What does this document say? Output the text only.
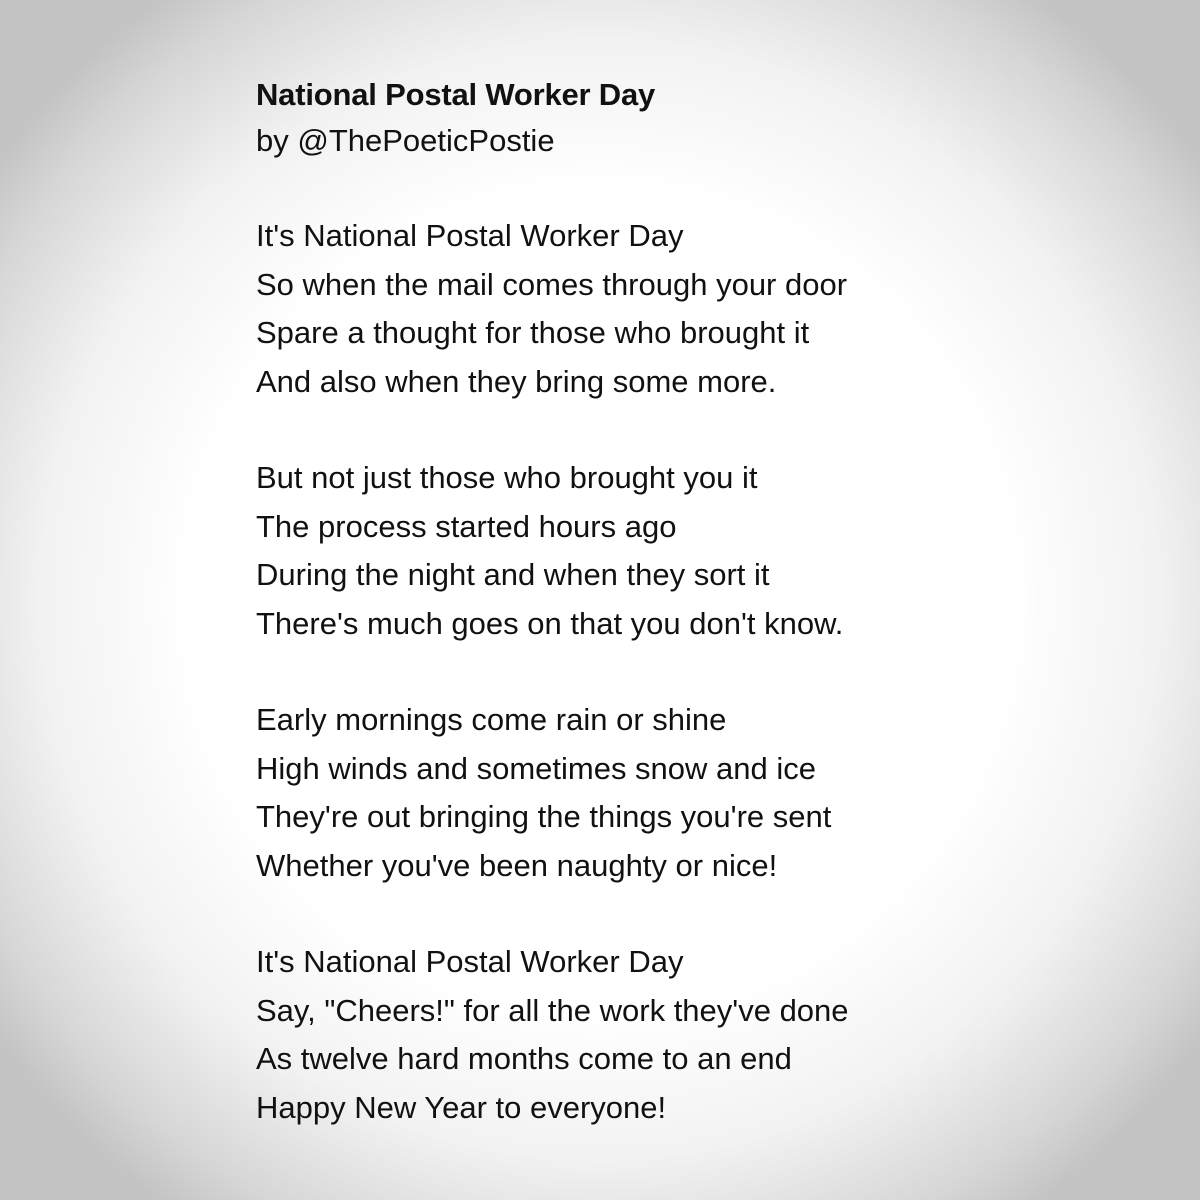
National Postal Worker Day

by @ThePoeticPostie

It's National Postal Worker Day

So when the mail comes through your door

Spare a thought for those who brought it

And also when they bring some more.

But not just those who brought you it

The process started hours ago

During the night and when they sort it

There's much goes on that you don't know.

Early mornings come rain or shine

High winds and sometimes snow and ice

They're out bringing the things you're sent

Whether you've been naughty or nice!

It's National Postal Worker Day

Say, "Cheers!" for all the work they've done

As twelve hard months come to an end

Happy New Year to everyone!
